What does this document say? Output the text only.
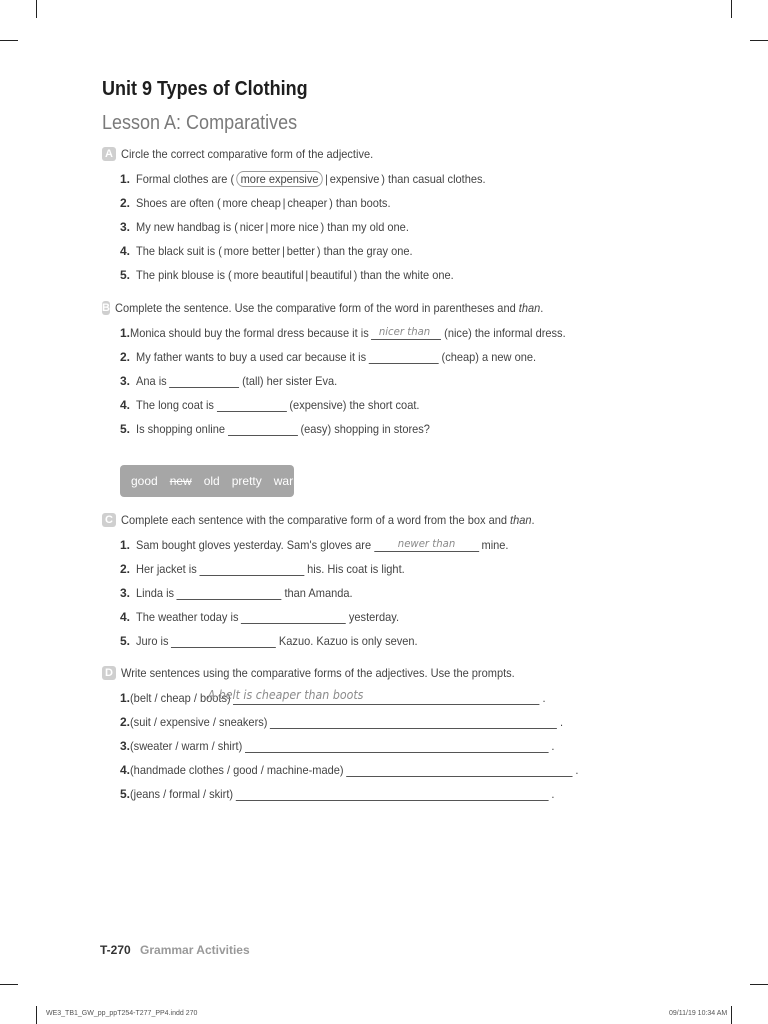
Unit 9 Types of Clothing
Lesson A: Comparatives
A Circle the correct comparative form of the adjective.
1. Formal clothes are ( more expensive | expensive ) than casual clothes.
2. Shoes are often ( more cheap | cheaper ) than boots.
3. My new handbag is ( nicer | more nice ) than my old one.
4. The black suit is ( more better | better ) than the gray one.
5. The pink blouse is ( more beautiful | beautiful ) than the white one.
B Complete the sentence. Use the comparative form of the word in parentheses and than.
1. Monica should buy the formal dress because it is nicer than (nice) the informal dress.
2. My father wants to buy a used car because it is	(cheap) a new one.
3. Ana is	(tall) her sister Eva.
4. The long coat is	(expensive) the short coat.
5. Is shopping online	(easy) shopping in stores?
good new old pretty warm
C Complete each sentence with the comparative form of a word from the box and than.
1. Sam bought gloves yesterday. Sam's gloves are newer than mine.
2. Her jacket is	his. His coat is light.
3. Linda is	than Amanda.
4. The weather today is	yesterday.
5. Juro is	Kazuo. Kazuo is only seven.
D Write sentences using the comparative forms of the adjectives. Use the prompts.
1. (belt / cheap / boots)
A belt is cheaper than boots	.
2. (suit / expensive / sneakers)	.
3. (sweater / warm / shirt)	.
4. (handmade clothes / good / machine-made)	.
5. (jeans / formal / skirt)	.
T-270 Grammar Activities
WE3_TB1_GW_pp_ppT254-T277_PP4.indd 270	09/11/19 10:34 AM
